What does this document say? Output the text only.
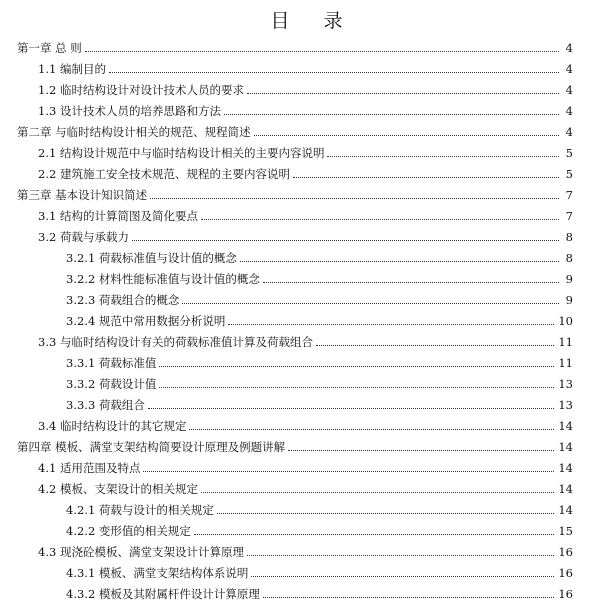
目 录
第一章 总 则	4
1.1 编制目的	4
1.2 临时结构设计对设计技术人员的要求	4
1.3 设计技术人员的培养思路和方法	4
第二章 与临时结构设计相关的规范、规程简述	4
2.1 结构设计规范中与临时结构设计相关的主要内容说明	5
2.2 建筑施工安全技术规范、规程的主要内容说明	5
第三章 基本设计知识简述	7
3.1 结构的计算简图及简化要点	7
3.2 荷载与承载力	8
3.2.1 荷载标准值与设计值的概念	8
3.2.2 材料性能标准值与设计值的概念	9
3.2.3 荷载组合的概念	9
3.2.4 规范中常用数据分析说明	10
3.3 与临时结构设计有关的荷载标准值计算及荷载组合	11
3.3.1 荷载标准值	11
3.3.2 荷载设计值	13
3.3.3 荷载组合	13
3.4 临时结构设计的其它规定	14
第四章 模板、满堂支架结构简要设计原理及例题讲解	14
4.1 适用范围及特点	14
4.2 模板、支架设计的相关规定	14
4.2.1 荷载与设计的相关规定	14
4.2.2 变形值的相关规定	15
4.3 现浇砼模板、满堂支架设计计算原理	16
4.3.1 模板、满堂支架结构体系说明	16
4.3.2 模板及其附属杆件设计计算原理	16
